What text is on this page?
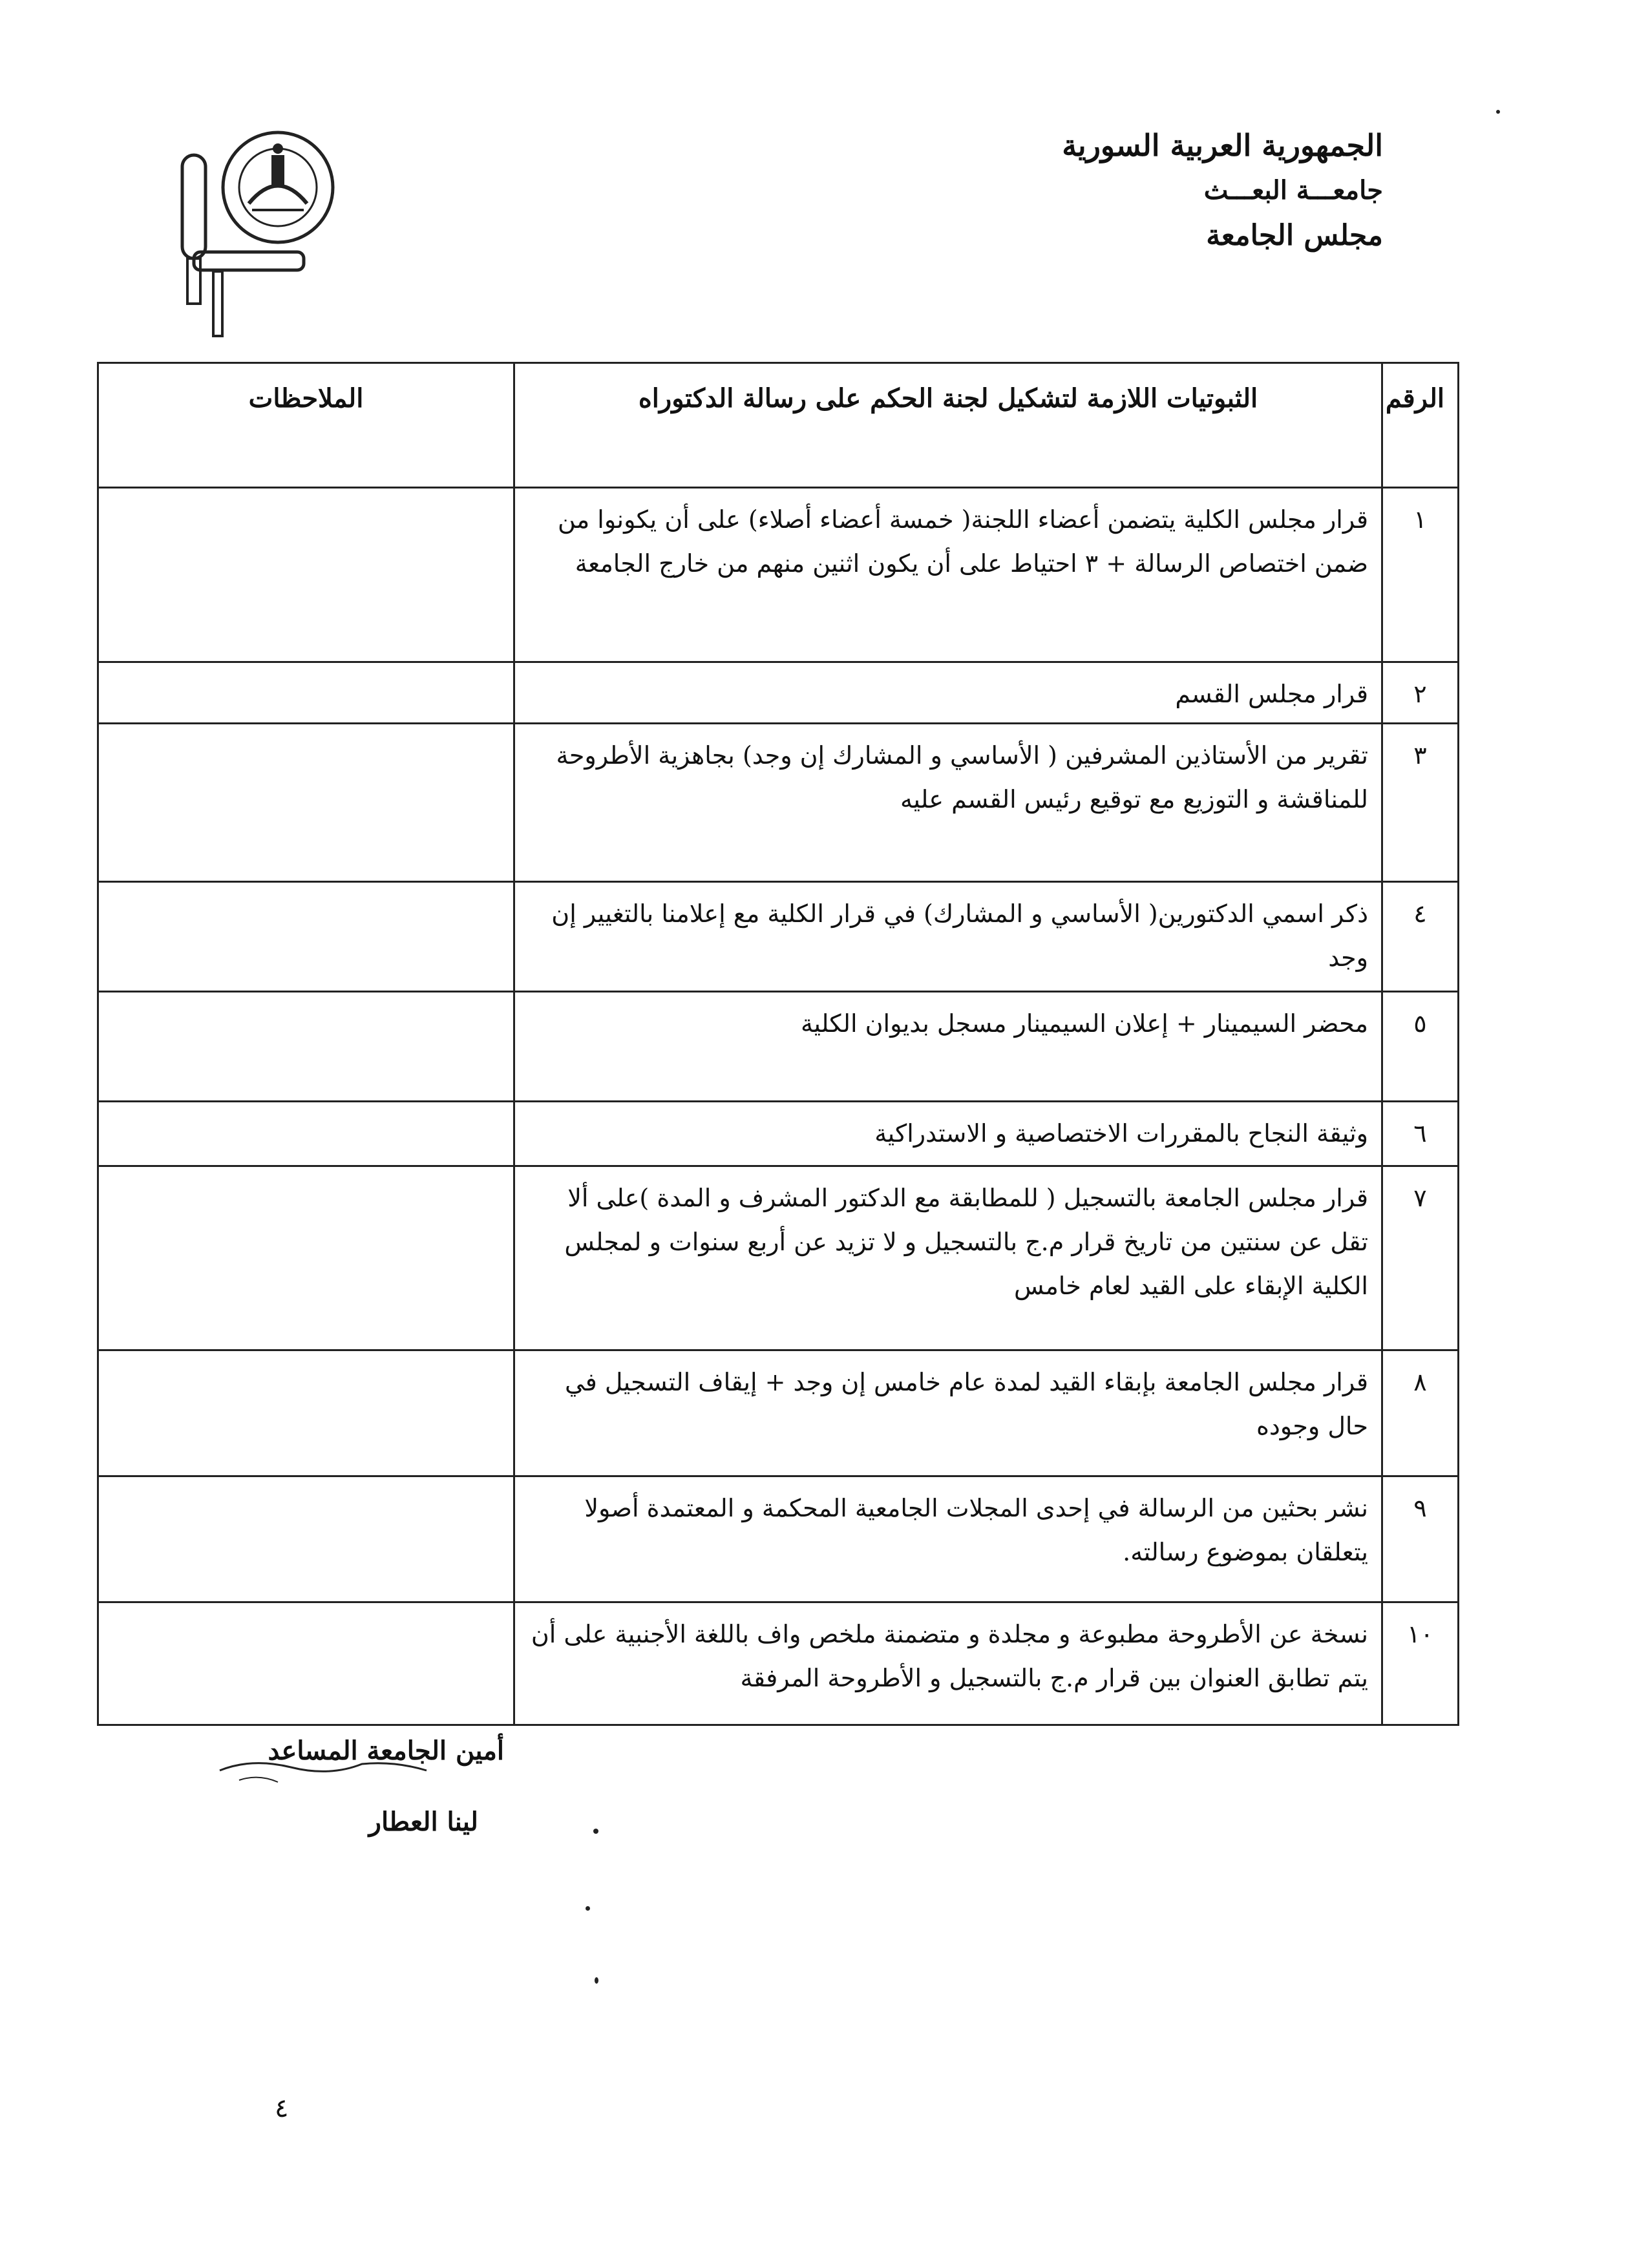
الجمهورية العربية السورية
جامعـــة البعـــث
مجلس الجامعة
الرقم	الثبوتيات اللازمة لتشكيل لجنة الحكم على رسالة الدكتوراه	الملاحظات
١	قرار مجلس الكلية يتضمن أعضاء اللجنة( خمسة أعضاء أصلاء) على أن يكونوا من ضمن اختصاص الرسالة + ٣ احتياط على أن يكون اثنين منهم من خارج الجامعة	
٢	قرار مجلس القسم	
٣	تقرير من الأستاذين المشرفين ( الأساسي و المشارك إن وجد) بجاهزية الأطروحة للمناقشة و التوزيع مع توقيع رئيس القسم عليه	
٤	ذكر اسمي الدكتورين( الأساسي و المشارك) في قرار الكلية مع إعلامنا بالتغيير إن وجد	
٥	محضر السيمينار + إعلان السيمينار مسجل بديوان الكلية	
٦	وثيقة النجاح بالمقررات الاختصاصية و الاستدراكية	
٧	قرار مجلس الجامعة بالتسجيل ( للمطابقة مع الدكتور المشرف و المدة )على ألا تقل عن سنتين من تاريخ قرار م.ج بالتسجيل و لا تزيد عن أربع سنوات و لمجلس الكلية الإبقاء على القيد لعام خامس	
٨	قرار مجلس الجامعة بإبقاء القيد لمدة عام خامس إن وجد + إيقاف التسجيل في حال وجوده	
٩	نشر بحثين من الرسالة في إحدى المجلات الجامعية المحكمة و المعتمدة أصولا يتعلقان بموضوع رسالته.	
١٠	نسخة عن الأطروحة مطبوعة و مجلدة و متضمنة ملخص واف باللغة الأجنبية على أن يتم تطابق العنوان بين قرار م.ج بالتسجيل و الأطروحة المرفقة	
أمين الجامعة المساعد
لينا العطار
٤
